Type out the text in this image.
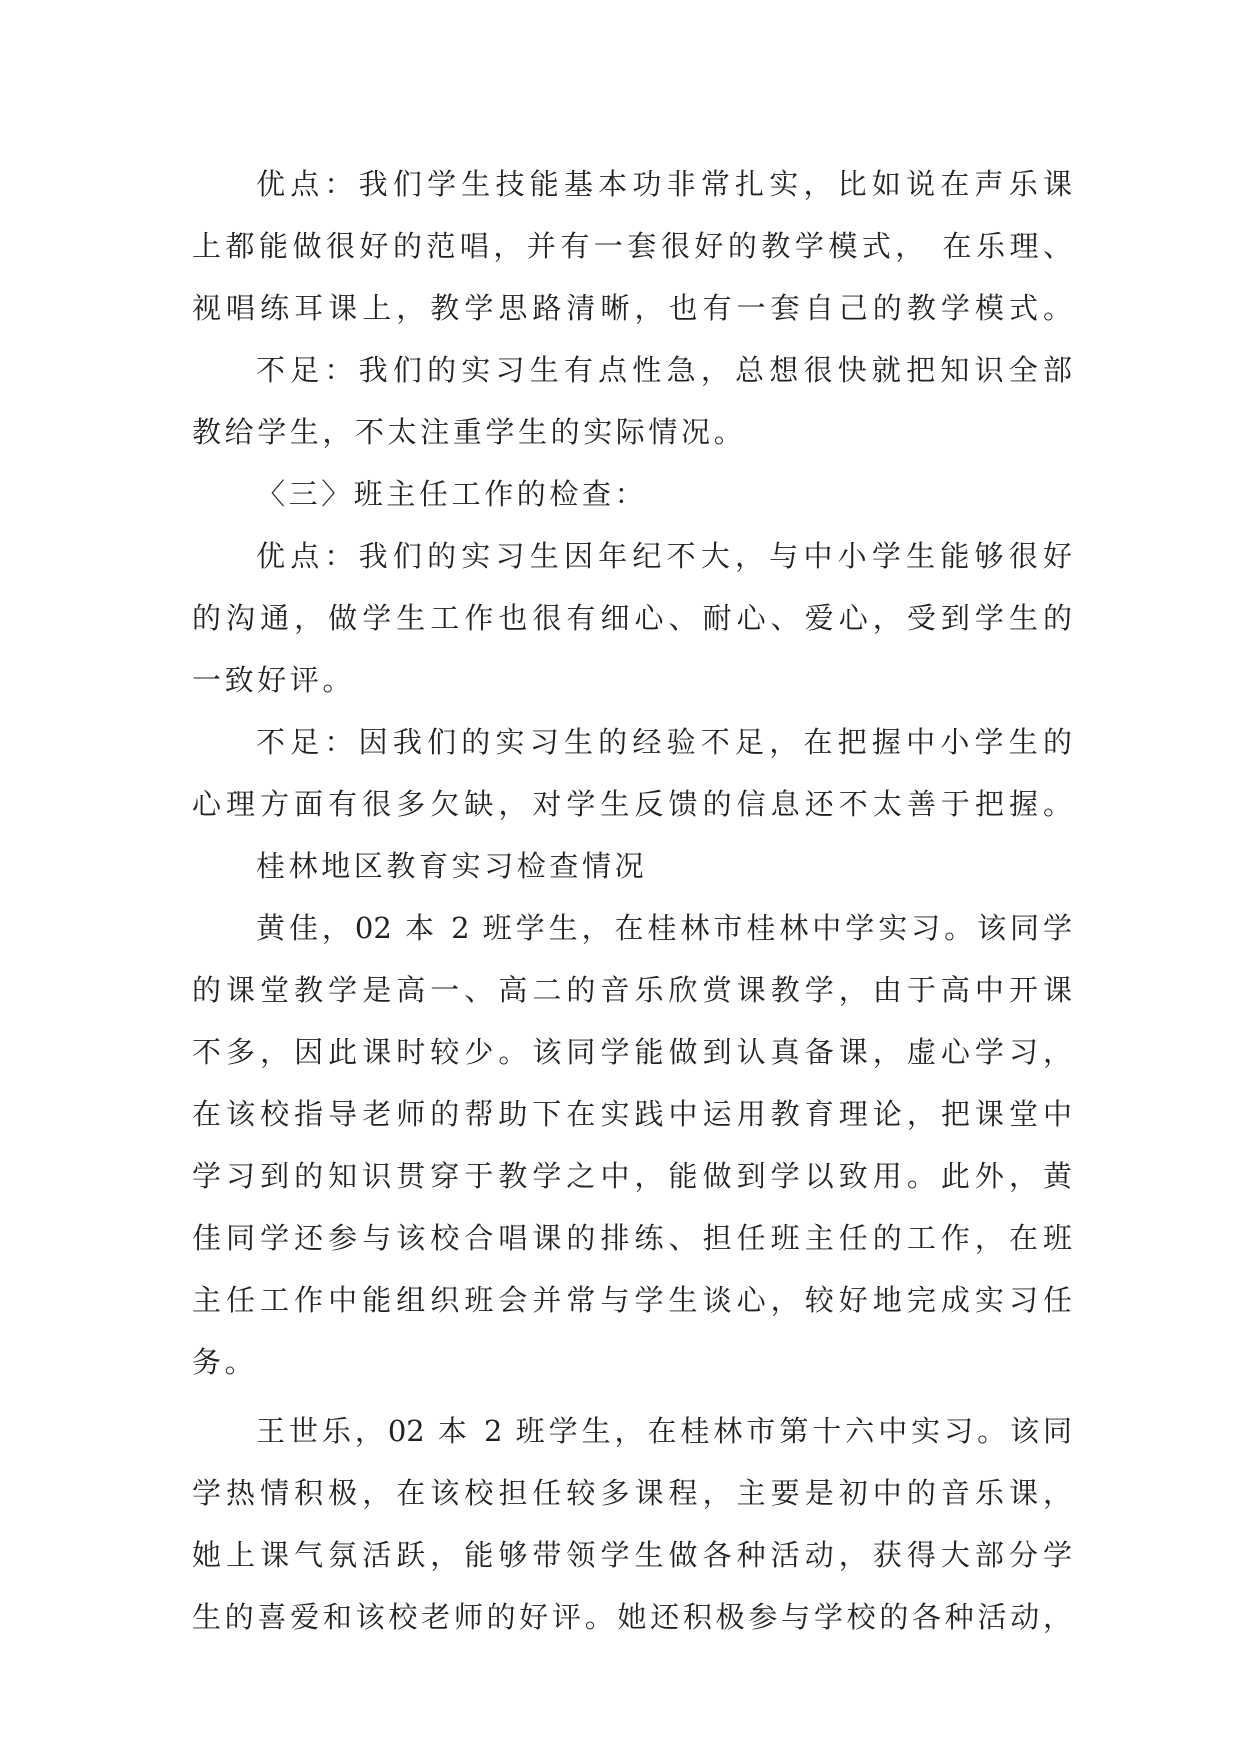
优点：我们学生技能基本功非常扎实，比如说在声乐课
上都能做很好的范唱，并有一套很好的教学模式， 在乐理、
视唱练耳课上，教学思路清晰，也有一套自己的教学模式。
不足：我们的实习生有点性急，总想很快就把知识全部
教给学生，不太注重学生的实际情况。
〈三〉班主任工作的检查：
优点：我们的实习生因年纪不大，与中小学生能够很好
的沟通，做学生工作也很有细心、耐心、爱心，受到学生的
一致好评。
不足：因我们的实习生的经验不足，在把握中小学生的
心理方面有很多欠缺，对学生反馈的信息还不太善于把握。
桂林地区教育实习检查情况
黄佳，02 本 2 班学生，在桂林市桂林中学实习。该同学
的课堂教学是高一、高二的音乐欣赏课教学，由于高中开课
不多，因此课时较少。该同学能做到认真备课，虚心学习，
在该校指导老师的帮助下在实践中运用教育理论，把课堂中
学习到的知识贯穿于教学之中，能做到学以致用。此外，黄
佳同学还参与该校合唱课的排练、担任班主任的工作，在班
主任工作中能组织班会并常与学生谈心，较好地完成实习任
务。
王世乐，02 本 2 班学生，在桂林市第十六中实习。该同
学热情积极，在该校担任较多课程，主要是初中的音乐课，
她上课气氛活跃，能够带领学生做各种活动，获得大部分学
生的喜爱和该校老师的好评。她还积极参与学校的各种活动，
